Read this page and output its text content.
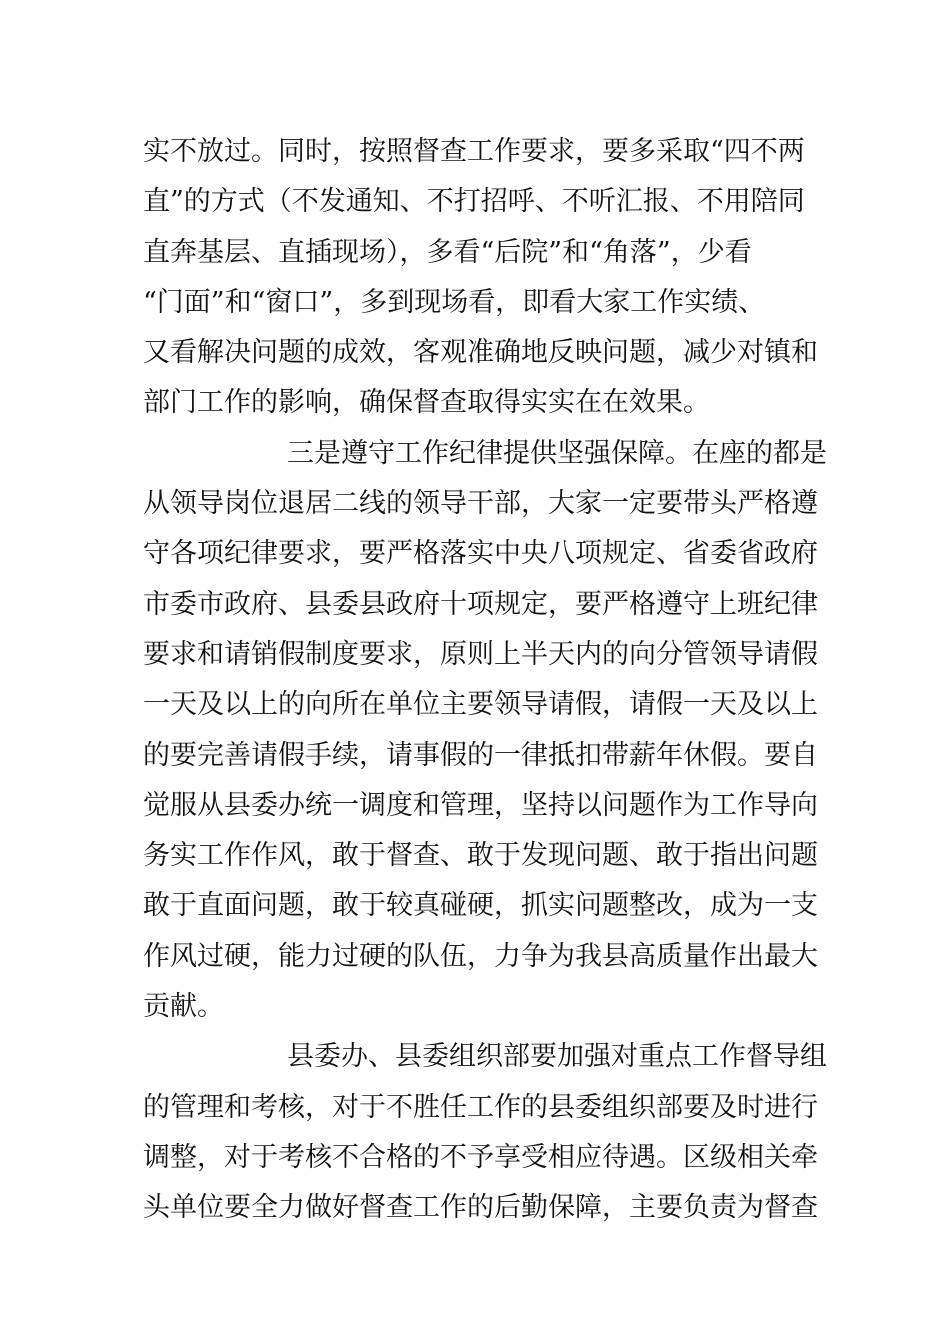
实不放过。同时，按照督查工作要求，要多采取“四不两
直”的方式（不发通知、不打招呼、不听汇报、不用陪同
直奔基层、直插现场），多看“后院”和“角落”，少看
“门面”和“窗口”，多到现场看，即看大家工作实绩、
又看解决问题的成效，客观准确地反映问题，减少对镇和
部门工作的影响，确保督查取得实实在在效果。
三是遵守工作纪律提供坚强保障。在座的都是
从领导岗位退居二线的领导干部，大家一定要带头严格遵
守各项纪律要求，要严格落实中央八项规定、省委省政府
市委市政府、县委县政府十项规定，要严格遵守上班纪律
要求和请销假制度要求，原则上半天内的向分管领导请假
一天及以上的向所在单位主要领导请假，请假一天及以上
的要完善请假手续，请事假的一律抵扣带薪年休假。要自
觉服从县委办统一调度和管理，坚持以问题作为工作导向
务实工作作风，敢于督查、敢于发现问题、敢于指出问题
敢于直面问题，敢于较真碰硬，抓实问题整改，成为一支
作风过硬，能力过硬的队伍，力争为我县高质量作出最大
贡献。
县委办、县委组织部要加强对重点工作督导组
的管理和考核，对于不胜任工作的县委组织部要及时进行
调整，对于考核不合格的不予享受相应待遇。区级相关牵
头单位要全力做好督查工作的后勤保障，主要负责为督查
